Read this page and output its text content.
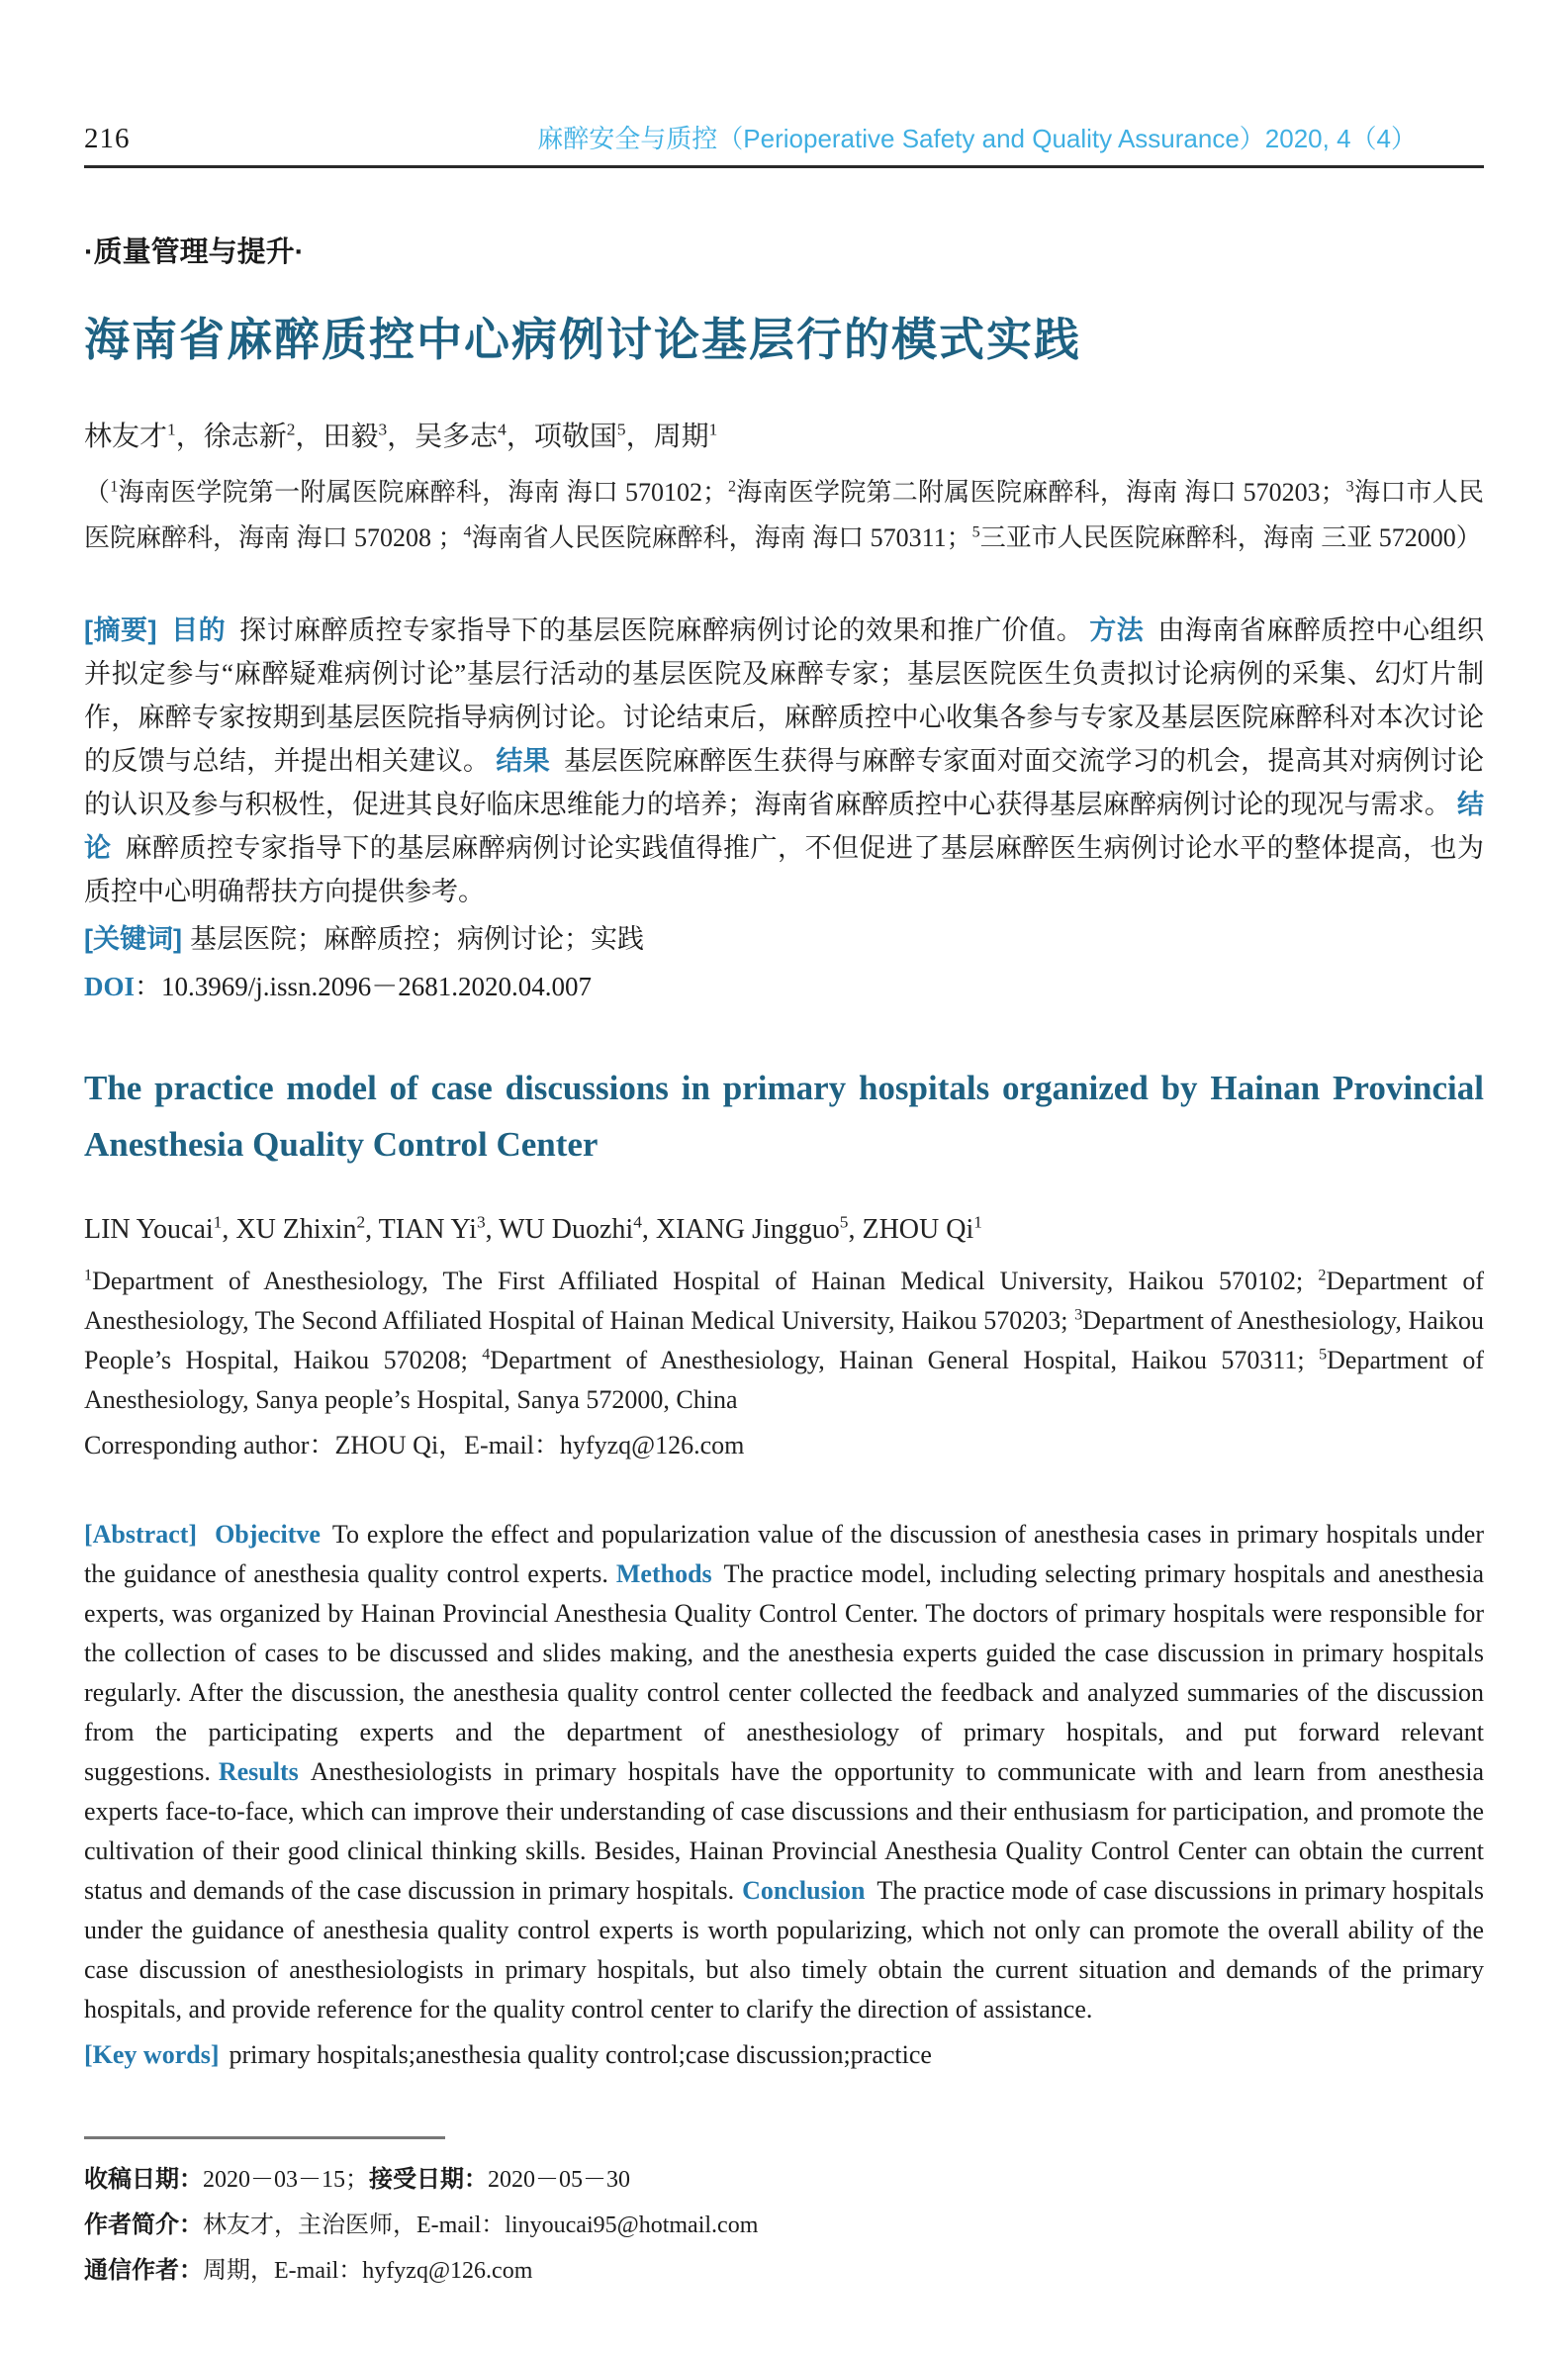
216	麻醉安全与质控（Perioperative Safety and Quality Assurance）2020, 4（4）
·质量管理与提升·
海南省麻醉质控中心病例讨论基层行的模式实践
林友才$^1$，徐志新$^2$，田毅$^3$，吴多志$^4$，项敬国$^5$，周期$^1$
（$^1$海南医学院第一附属医院麻醉科，海南 海口 570102；$^2$海南医学院第二附属医院麻醉科，海南 海口 570203；$^3$海口市人民医院麻醉科，海南 海口 570208 ；$^4$海南省人民医院麻醉科，海南 海口 570311；$^5$三亚市人民医院麻醉科，海南 三亚 572000）
[摘要] 目的 探讨麻醉质控专家指导下的基层医院麻醉病例讨论的效果和推广价值。 方法 由海南省麻醉质控中心组织并拟定参与“麻醉疑难病例讨论”基层行活动的基层医院及麻醉专家；基层医院医生负责拟讨论病例的采集、幻灯片制作，麻醉专家按期到基层医院指导病例讨论。讨论结束后，麻醉质控中心收集各参与专家及基层医院麻醉科对本次讨论的反馈与总结，并提出相关建议。 结果 基层医院麻醉医生获得与麻醉专家面对面交流学习的机会，提高其对病例讨论的认识及参与积极性，促进其良好临床思维能力的培养；海南省麻醉质控中心获得基层麻醉病例讨论的现况与需求。 结论 麻醉质控专家指导下的基层麻醉病例讨论实践值得推广，不但促进了基层麻醉医生病例讨论水平的整体提高，也为质控中心明确帮扶方向提供参考。
[关键词] 基层医院；麻醉质控；病例讨论；实践
DOI：10.3969/j.issn.2096－2681.2020.04.007
The practice model of case discussions in primary hospitals organized by Hainan Provincial Anesthesia Quality Control Center
LIN Youcai$^1$, XU Zhixin$^2$, TIAN Yi$^3$, WU Duozhi$^4$, XIANG Jingguo$^5$, ZHOU Qi$^1$
$^1$Department of Anesthesiology, The First Affiliated Hospital of Hainan Medical University, Haikou 570102; $^2$Department of Anesthesiology, The Second Affiliated Hospital of Hainan Medical University, Haikou 570203; $^3$Department of Anesthesiology, Haikou People’s Hospital, Haikou 570208; $^4$Department of Anesthesiology, Hainan General Hospital, Haikou 570311; $^5$Department of Anesthesiology, Sanya people’s Hospital, Sanya 572000, China
Corresponding author：ZHOU Qi，E-mail：hyfyzq@126.com
[Abstract] Objecitve To explore the effect and popularization value of the discussion of anesthesia cases in primary hospitals under the guidance of anesthesia quality control experts. Methods The practice model, including selecting primary hospitals and anesthesia experts, was organized by Hainan Provincial Anesthesia Quality Control Center. The doctors of primary hospitals were responsible for the collection of cases to be discussed and slides making, and the anesthesia experts guided the case discussion in primary hospitals regularly. After the discussion, the anesthesia quality control center collected the feedback and analyzed summaries of the discussion from the participating experts and the department of anesthesiology of primary hospitals, and put forward relevant suggestions. Results Anesthesiologists in primary hospitals have the opportunity to communicate with and learn from anesthesia experts face-to-face, which can improve their understanding of case discussions and their enthusiasm for participation, and promote the cultivation of their good clinical thinking skills. Besides, Hainan Provincial Anesthesia Quality Control Center can obtain the current status and demands of the case discussion in primary hospitals. Conclusion The practice mode of case discussions in primary hospitals under the guidance of anesthesia quality control experts is worth popularizing, which not only can promote the overall ability of the case discussion of anesthesiologists in primary hospitals, but also timely obtain the current situation and demands of the primary hospitals, and provide reference for the quality control center to clarify the direction of assistance.
[Key words] primary hospitals;anesthesia quality control;case discussion;practice
收稿日期：2020－03－15；接受日期：2020－05－30
作者简介：林友才，主治医师，E-mail：linyoucai95@hotmail.com
通信作者：周期，E-mail：hyfyzq@126.com
